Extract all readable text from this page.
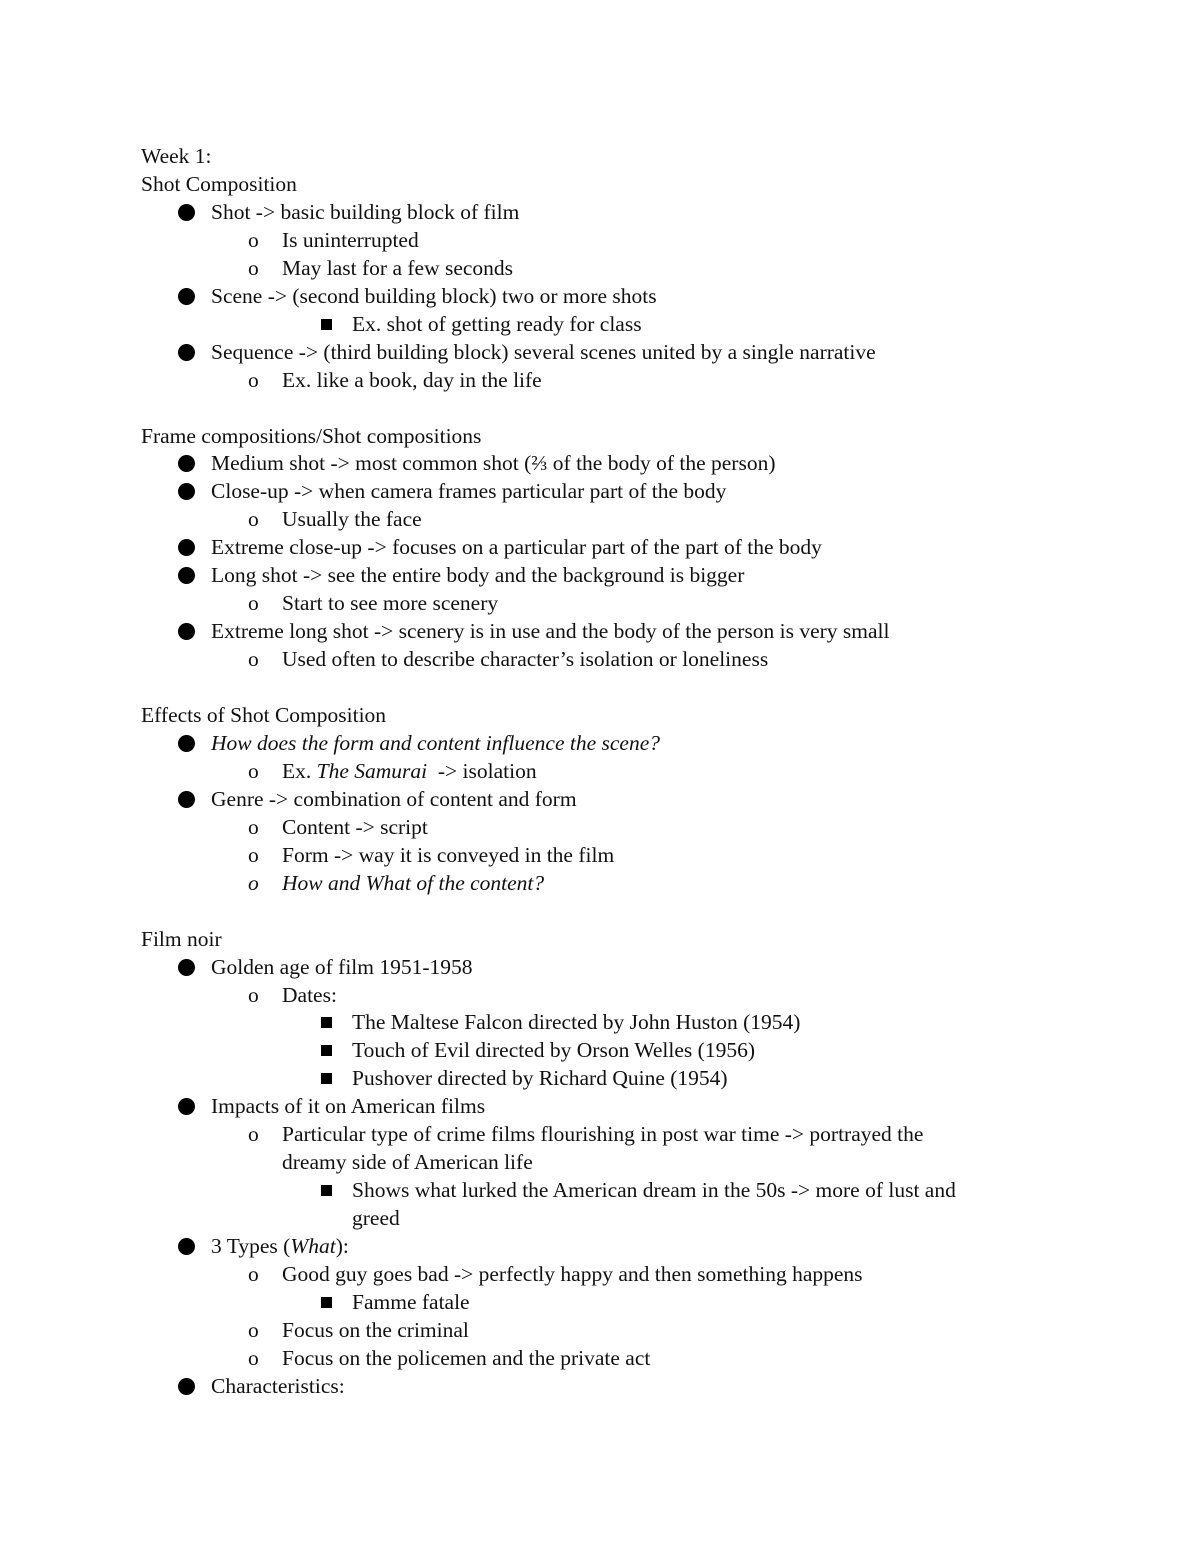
Week 1:
Shot Composition
Shot -> basic building block of film
o Is uninterrupted
o May last for a few seconds
Scene -> (second building block) two or more shots
Ex. shot of getting ready for class
Sequence -> (third building block) several scenes united by a single narrative
o Ex. like a book, day in the life
Frame compositions/Shot compositions
Medium shot -> most common shot (⅔ of the body of the person)
Close-up -> when camera frames particular part of the body
o Usually the face
Extreme close-up -> focuses on a particular part of the part of the body
Long shot -> see the entire body and the background is bigger
o Start to see more scenery
Extreme long shot -> scenery is in use and the body of the person is very small
o Used often to describe character’s isolation or loneliness
Effects of Shot Composition
How does the form and content influence the scene?
o Ex. The Samurai  -> isolation
Genre -> combination of content and form
o Content -> script
o Form -> way it is conveyed in the film
o How and What of the content?
Film noir
Golden age of film 1951-1958
o Dates:
The Maltese Falcon directed by John Huston (1954)
Touch of Evil directed by Orson Welles (1956)
Pushover directed by Richard Quine (1954)
Impacts of it on American films
o Particular type of crime films flourishing in post war time -> portrayed the
dreamy side of American life
Shows what lurked the American dream in the 50s -> more of lust and
greed
3 Types (What):
o Good guy goes bad -> perfectly happy and then something happens
Famme fatale
o Focus on the criminal
o Focus on the policemen and the private act
Characteristics:
